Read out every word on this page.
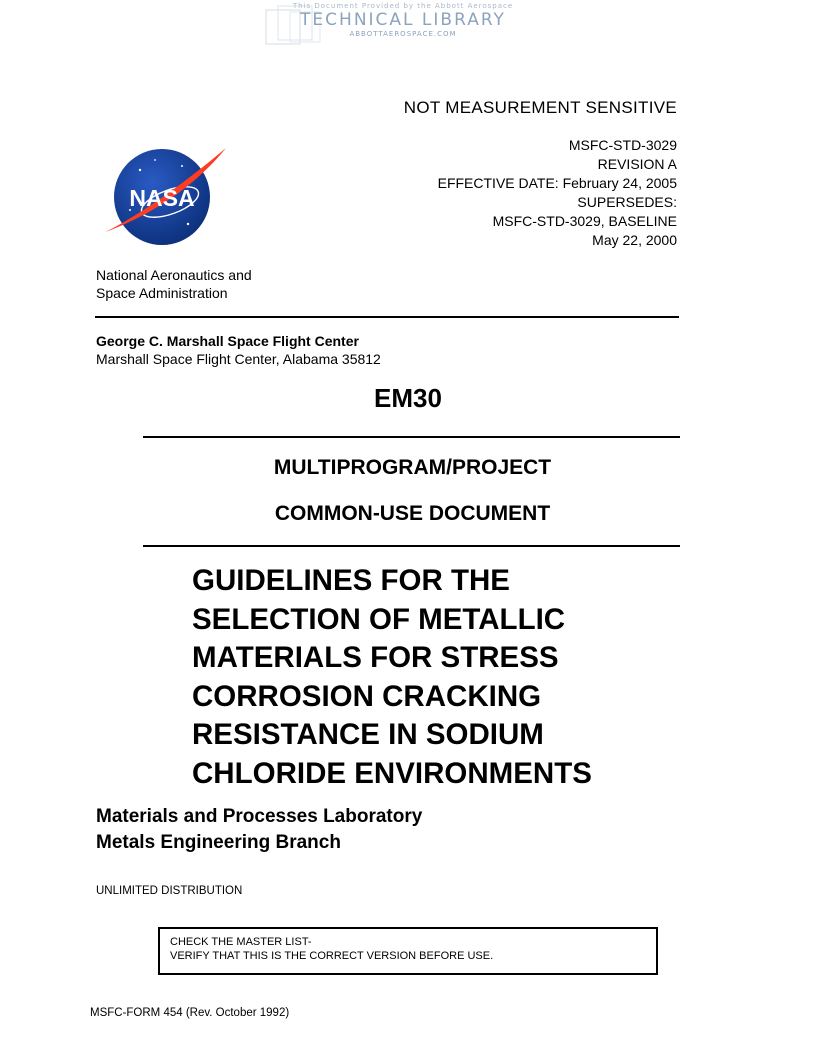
This Document Provided by the Abbott Aerospace
TECHNICAL LIBRARY
ABBOTTAEROSPACE.COM
NOT MEASUREMENT SENSITIVE
MSFC-STD-3029
REVISION A
EFFECTIVE DATE: February 24, 2005
SUPERSEDES:
MSFC-STD-3029, BASELINE
May 22, 2000
NASA
National Aeronautics and
Space Administration
George C. Marshall Space Flight Center
Marshall Space Flight Center, Alabama 35812
EM30
MULTIPROGRAM/PROJECT
COMMON-USE DOCUMENT
GUIDELINES FOR THE
SELECTION OF METALLIC
MATERIALS FOR STRESS
CORROSION CRACKING
RESISTANCE IN SODIUM
CHLORIDE ENVIRONMENTS
Materials and Processes Laboratory
Metals Engineering Branch
UNLIMITED DISTRIBUTION
CHECK THE MASTER LIST-
VERIFY THAT THIS IS THE CORRECT VERSION BEFORE USE.
MSFC-FORM 454 (Rev. October 1992)
